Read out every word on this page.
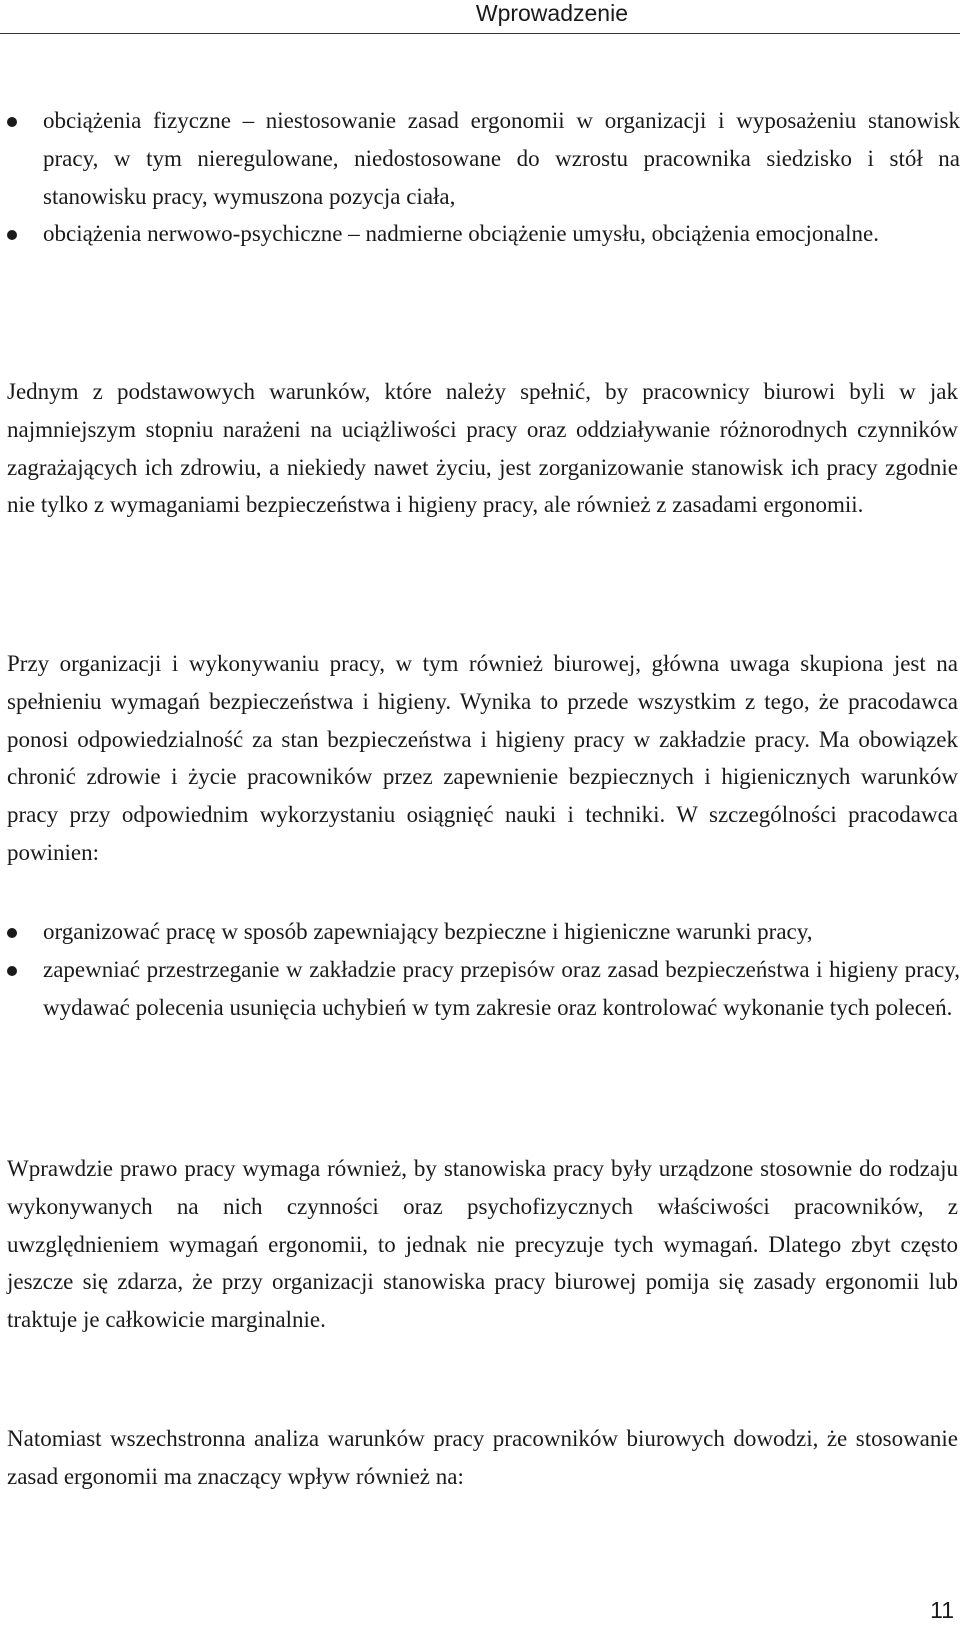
Wprowadzenie
obciążenia fizyczne – niestosowanie zasad ergonomii w organizacji i wyposażeniu stanowisk pracy, w tym nieregulowane, niedostosowane do wzrostu pracownika siedzisko i stół na stanowisku pracy, wymuszona pozycja ciała,
obciążenia nerwowo-psychiczne – nadmierne obciążenie umysłu, obciążenia emocjonalne.

Jednym z podstawowych warunków, które należy spełnić, by pracownicy biurowi byli w jak najmniejszym stopniu narażeni na uciążliwości pracy oraz oddziaływanie różnorodnych czynników zagrażających ich zdrowiu, a niekiedy nawet życiu, jest zorganizowanie stanowisk ich pracy zgodnie nie tylko z wymaganiami bezpieczeństwa i higieny pracy, ale również z zasadami ergonomii.

Przy organizacji i wykonywaniu pracy, w tym również biurowej, główna uwaga skupiona jest na spełnieniu wymagań bezpieczeństwa i higieny. Wynika to przede wszystkim z tego, że pracodawca ponosi odpowiedzialność za stan bezpieczeństwa i higieny pracy w zakładzie pracy. Ma obowiązek chronić zdrowie i życie pracowników przez zapewnienie bezpiecznych i higienicznych warunków pracy przy odpowiednim wykorzystaniu osiągnięć nauki i techniki. W szczególności pracodawca powinien:

organizować pracę w sposób zapewniający bezpieczne i higieniczne warunki pracy,
zapewniać przestrzeganie w zakładzie pracy przepisów oraz zasad bezpieczeństwa i higieny pracy, wydawać polecenia usunięcia uchybień w tym zakresie oraz kontrolować wykonanie tych poleceń.

Wprawdzie prawo pracy wymaga również, by stanowiska pracy były urządzone stosownie do rodzaju wykonywanych na nich czynności oraz psychofizycznych właściwości pracowników, z uwzględnieniem wymagań ergonomii, to jednak nie precyzuje tych wymagań. Dlatego zbyt często jeszcze się zdarza, że przy organizacji stanowiska pracy biurowej pomija się zasady ergonomii lub traktuje je całkowicie marginalnie.

Natomiast wszechstronna analiza warunków pracy pracowników biurowych dowodzi, że stosowanie zasad ergonomii ma znaczący wpływ również na:

11
